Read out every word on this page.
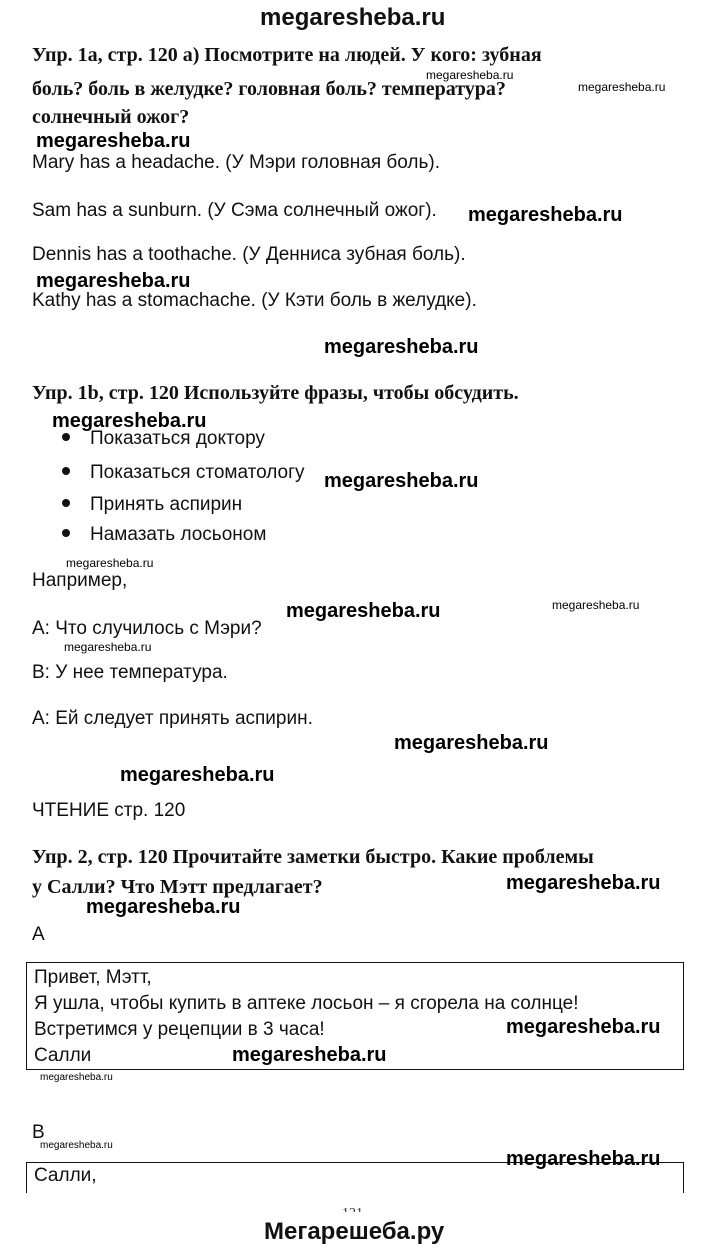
megaresheba.ru
Упр. 1a, стр. 120 а) Посмотрите на людей. У кого: зубная
боль? боль в желудке? головная боль? температура?
солнечный ожог?
Mary has a headache. (У Мэри головная боль).
Sam has a sunburn. (У Сэма солнечный ожог).
Dennis has a toothache. (У Денниса зубная боль).
Kathy has a stomachache. (У Кэти боль в желудке).
Упр. 1b, стр. 120 Используйте фразы, чтобы обсудить.
Показаться доктору
Показаться стоматологу
Принять аспирин
Намазать лосьоном
Например,
А: Что случилось с Мэри?
В: У нее температура.
А: Ей следует принять аспирин.
ЧТЕНИЕ стр. 120
Упр. 2, стр. 120 Прочитайте заметки быстро. Какие проблемы
у Салли? Что Мэтт предлагает?
А
Привет, Мэтт,
Я ушла, чтобы купить в аптеке лосьон – я сгорела на солнце!
Встретимся у рецепции в 3 часа!
Салли
В
Салли,
megaresheba.ru
megaresheba.ru
megaresheba.ru
megaresheba.ru
megaresheba.ru
megaresheba.ru
megaresheba.ru
megaresheba.ru
megaresheba.ru
megaresheba.ru	megaresheba.ru
megaresheba.ru
megaresheba.ru
megaresheba.ru
megaresheba.ru
megaresheba.ru
megaresheba.ru
megaresheba.ru
megaresheba.ru
megaresheba.ru
megaresheba.ru
Мегарешеба.ру
